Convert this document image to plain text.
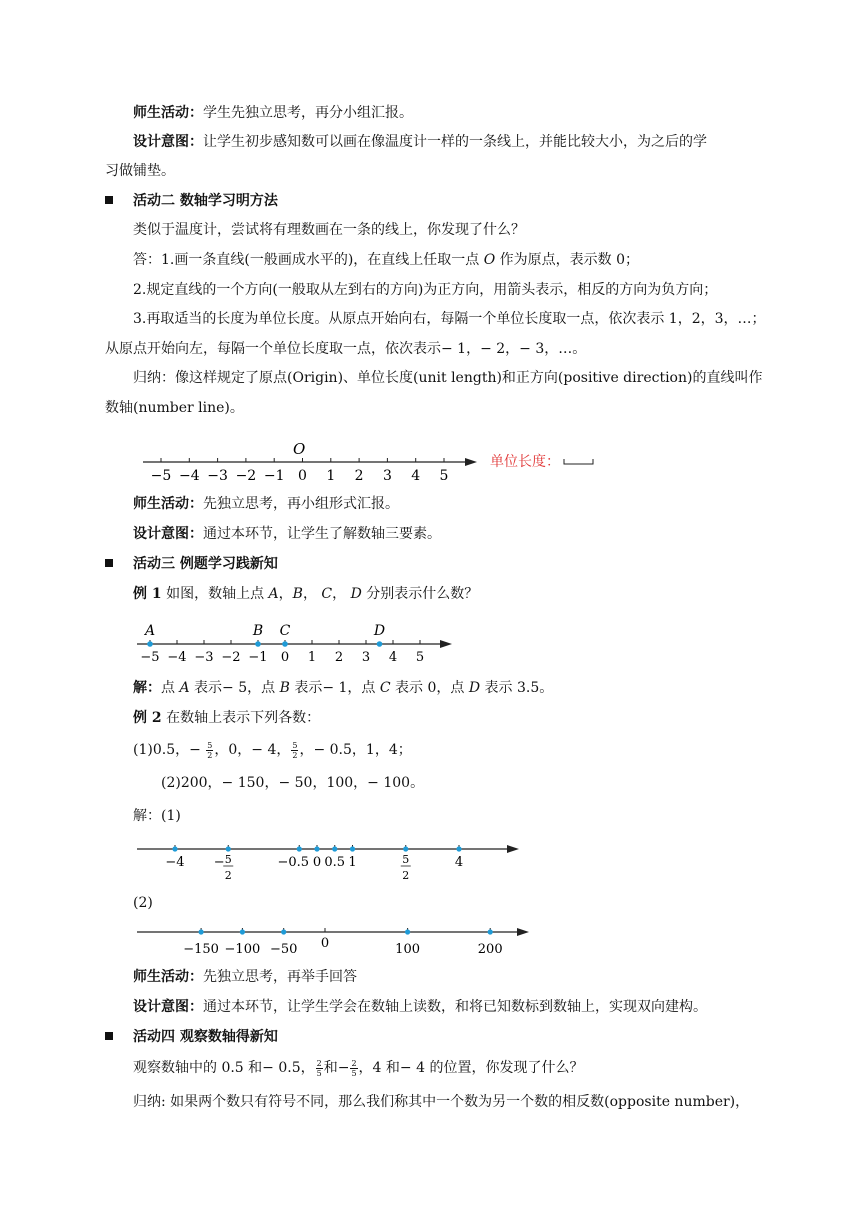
师生活动：学生先独立思考，再分小组汇报。
设计意图：让学生初步感知数可以画在像温度计一样的一条线上，并能比较大小，为之后的学
习做铺垫。
活动二 数轴学习明方法
类似于温度计，尝试将有理数画在一条的线上，你发现了什么？
答：1.画一条直线(一般画成水平的)，在直线上任取一点 O 作为原点，表示数 0；
2.规定直线的一个方向(一般取从左到右的方向)为正方向，用箭头表示，相反的方向为负方向；
3.再取适当的长度为单位长度。从原点开始向右，每隔一个单位长度取一点，依次表示 1，2，3，…；
从原点开始向左，每隔一个单位长度取一点，依次表示− 1，− 2，− 3，…。
归纳：像这样规定了原点(Origin)、单位长度(unit length)和正方向(positive direction)的直线叫作
数轴(number line)。
−5 −4 −3 −2 −1 0 1 2 3 4 5
O
单位长度：
师生活动：先独立思考，再小组形式汇报。
设计意图：通过本环节，让学生了解数轴三要素。
活动三 例题学习践新知
例 1 如图，数轴上点 A，B， C， D 分别表示什么数？
−5 −4 −3 −2 −1 0 1 2 3 4 5
A	B C	D
解：点 A 表示− 5，点 B 表示− 1，点 C 表示 0，点 D 表示 3.5。
例 2 在数轴上表示下列各数：
(1)0.5，− $\frac{5}{2}$ ，0，− 4， $\frac{5}{2}$ ，− 0.5，1，4；
(2)200，− 150，− 50，100，− 100。
解：(1)
−4 − 5
2
−0.5 0 0.5 1	5
2
4
(2)
−150 −100 −50 0	100	200
师生活动：先独立思考，再举手回答
设计意图：通过本环节，让学生学会在数轴上读数，和将已知数标到数轴上，实现双向建构。
活动四 观察数轴得新知
观察数轴中的 0.5 和− 0.5， $\frac{2}{5}$ 和− $\frac{2}{5}$ ，4 和− 4 的位置，你发现了什么？
归纳: 如果两个数只有符号不同，那么我们称其中一个数为另一个数的相反数(opposite number)，
